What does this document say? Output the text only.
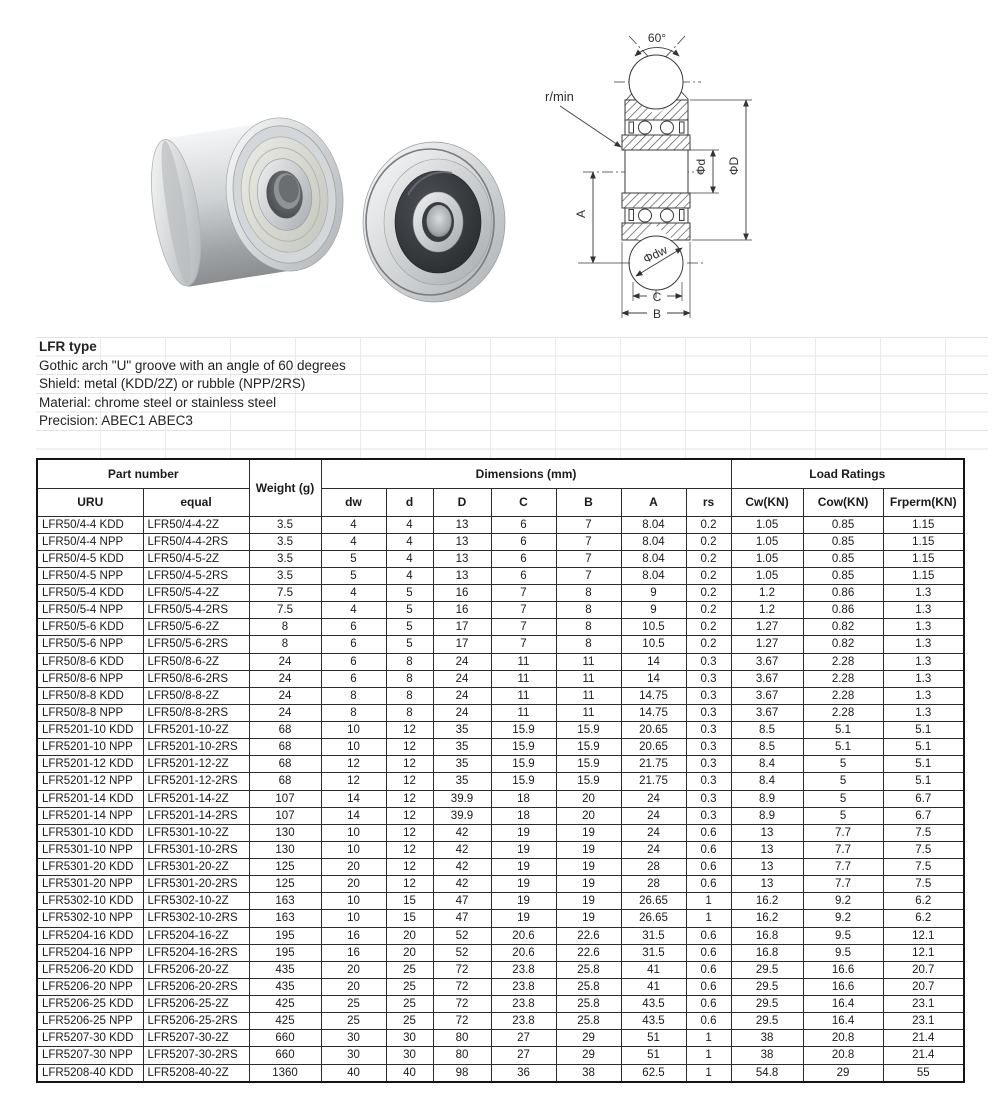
60°
r/min
Φd ΦD
A
Φdw
C
B
LFR type
Gothic arch "U" groove with an angle of 60 degrees
Shield: metal (KDD/2Z) or rubble (NPP/2RS)
Material: chrome steel or stainless steel
Precision: ABEC1 ABEC3
Part number		Weight (g)	Dimensions (mm)							Load Ratings		
URU	equal		dw	d	D	C	B	A	rs	Cw(KN)	Cow(KN)	Frperm(KN)
LFR50/4-4 KDD	LFR50/4-4-2Z	3.5	4	4	13	6	7	8.04	0.2	1.05	0.85	1.15
LFR50/4-4 NPP	LFR50/4-4-2RS	3.5	4	4	13	6	7	8.04	0.2	1.05	0.85	1.15
LFR50/4-5 KDD	LFR50/4-5-2Z	3.5	5	4	13	6	7	8.04	0.2	1.05	0.85	1.15
LFR50/4-5 NPP	LFR50/4-5-2RS	3.5	5	4	13	6	7	8.04	0.2	1.05	0.85	1.15
LFR50/5-4 KDD	LFR50/5-4-2Z	7.5	4	5	16	7	8	9	0.2	1.2	0.86	1.3
LFR50/5-4 NPP	LFR50/5-4-2RS	7.5	4	5	16	7	8	9	0.2	1.2	0.86	1.3
LFR50/5-6 KDD	LFR50/5-6-2Z	8	6	5	17	7	8	10.5	0.2	1.27	0.82	1.3
LFR50/5-6 NPP	LFR50/5-6-2RS	8	6	5	17	7	8	10.5	0.2	1.27	0.82	1.3
LFR50/8-6 KDD	LFR50/8-6-2Z	24	6	8	24	11	11	14	0.3	3.67	2.28	1.3
LFR50/8-6 NPP	LFR50/8-6-2RS	24	6	8	24	11	11	14	0.3	3.67	2.28	1.3
LFR50/8-8 KDD	LFR50/8-8-2Z	24	8	8	24	11	11	14.75	0.3	3.67	2.28	1.3
LFR50/8-8 NPP	LFR50/8-8-2RS	24	8	8	24	11	11	14.75	0.3	3.67	2.28	1.3
LFR5201-10 KDD	LFR5201-10-2Z	68	10	12	35	15.9	15.9	20.65	0.3	8.5	5.1	5.1
LFR5201-10 NPP	LFR5201-10-2RS	68	10	12	35	15.9	15.9	20.65	0.3	8.5	5.1	5.1
LFR5201-12 KDD	LFR5201-12-2Z	68	12	12	35	15.9	15.9	21.75	0.3	8.4	5	5.1
LFR5201-12 NPP	LFR5201-12-2RS	68	12	12	35	15.9	15.9	21.75	0.3	8.4	5	5.1
LFR5201-14 KDD	LFR5201-14-2Z	107	14	12	39.9	18	20	24	0.3	8.9	5	6.7
LFR5201-14 NPP	LFR5201-14-2RS	107	14	12	39.9	18	20	24	0.3	8.9	5	6.7
LFR5301-10 KDD	LFR5301-10-2Z	130	10	12	42	19	19	24	0.6	13	7.7	7.5
LFR5301-10 NPP	LFR5301-10-2RS	130	10	12	42	19	19	24	0.6	13	7.7	7.5
LFR5301-20 KDD	LFR5301-20-2Z	125	20	12	42	19	19	28	0.6	13	7.7	7.5
LFR5301-20 NPP	LFR5301-20-2RS	125	20	12	42	19	19	28	0.6	13	7.7	7.5
LFR5302-10 KDD	LFR5302-10-2Z	163	10	15	47	19	19	26.65	1	16.2	9.2	6.2
LFR5302-10 NPP	LFR5302-10-2RS	163	10	15	47	19	19	26.65	1	16.2	9.2	6.2
LFR5204-16 KDD	LFR5204-16-2Z	195	16	20	52	20.6	22.6	31.5	0.6	16.8	9.5	12.1
LFR5204-16 NPP	LFR5204-16-2RS	195	16	20	52	20.6	22.6	31.5	0.6	16.8	9.5	12.1
LFR5206-20 KDD	LFR5206-20-2Z	435	20	25	72	23.8	25.8	41	0.6	29.5	16.6	20.7
LFR5206-20 NPP	LFR5206-20-2RS	435	20	25	72	23.8	25.8	41	0.6	29.5	16.6	20.7
LFR5206-25 KDD	LFR5206-25-2Z	425	25	25	72	23.8	25.8	43.5	0.6	29.5	16.4	23.1
LFR5206-25 NPP	LFR5206-25-2RS	425	25	25	72	23.8	25.8	43.5	0.6	29.5	16.4	23.1
LFR5207-30 KDD	LFR5207-30-2Z	660	30	30	80	27	29	51	1	38	20.8	21.4
LFR5207-30 NPP	LFR5207-30-2RS	660	30	30	80	27	29	51	1	38	20.8	21.4
LFR5208-40 KDD	LFR5208-40-2Z	1360	40	40	98	36	38	62.5	1	54.8	29	55
